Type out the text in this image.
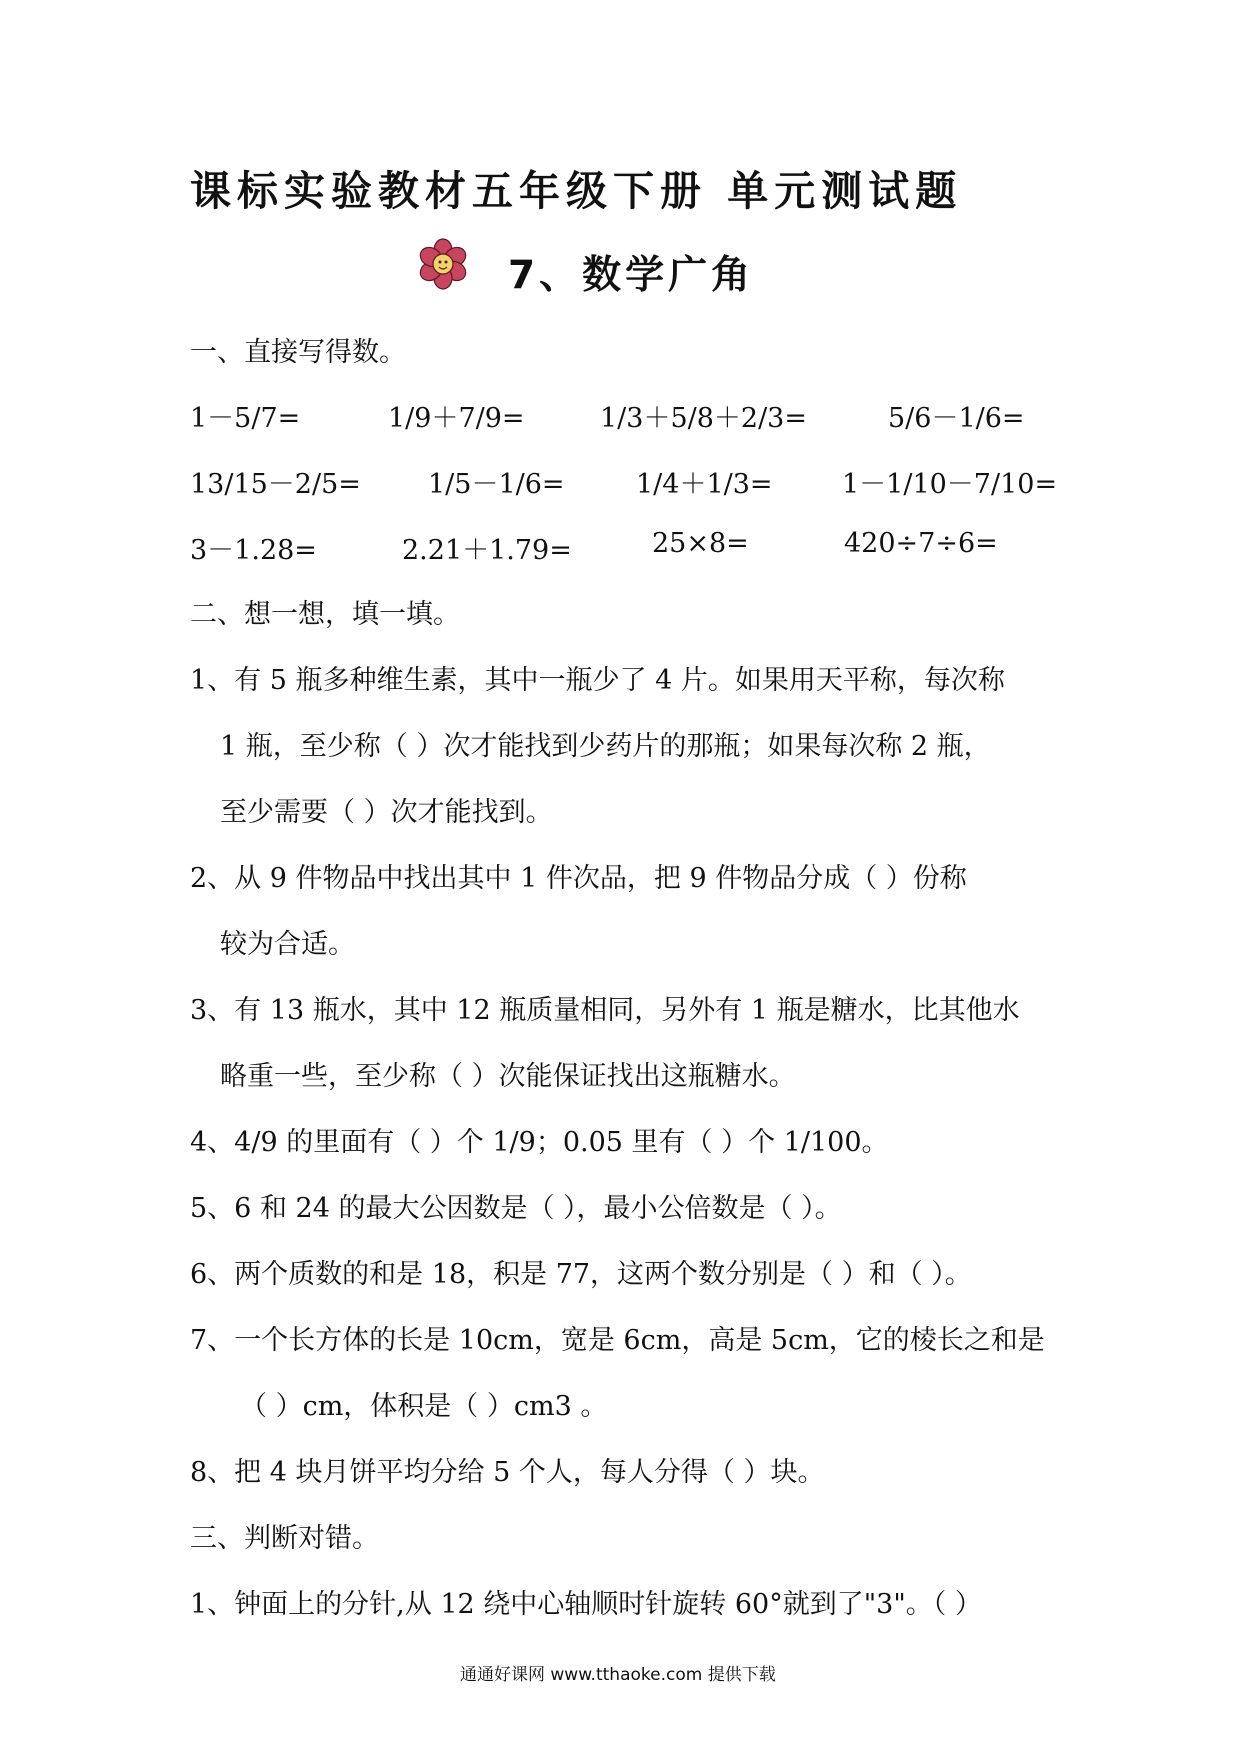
课标实验教材五年级下册 单元测试题
7、数学广角
一、直接写得数。
1－5/7=	1/9＋7/9=	1/3＋5/8＋2/3=	5/6－1/6=
13/15－2/5= 1/5－1/6=	1/4＋1/3=	1－1/10－7/10=
3－1.28=	2.21＋1.79=	25×8=	420÷7÷6=
二、想一想，填一填。
1、有 5 瓶多种维生素，其中一瓶少了 4 片。如果用天平称，每次称
1 瓶，至少称（ ）次才能找到少药片的那瓶；如果每次称 2 瓶，
至少需要（ ）次才能找到。
2、从 9 件物品中找出其中 1 件次品，把 9 件物品分成（ ）份称
较为合适。
3、有 13 瓶水，其中 12 瓶质量相同，另外有 1 瓶是糖水，比其他水
略重一些，至少称（ ）次能保证找出这瓶糖水。
4、4/9 的里面有（ ）个 1/9；0.05 里有（ ）个 1/100。
5、6 和 24 的最大公因数是（ ），最小公倍数是（ ）。
6、两个质数的和是 18，积是 77，这两个数分别是（ ）和（ ）。
7、一个长方体的长是 10cm，宽是 6cm，高是 5cm，它的棱长之和是
（ ）cm，体积是（ ）cm3 。
8、把 4 块月饼平均分给 5 个人，每人分得（ ）块。
三、判断对错。
1、钟面上的分针,从 12 绕中心轴顺时针旋转 60°就到了"3"。（ ）
通通好课网 www.tthaoke.com 提供下载
